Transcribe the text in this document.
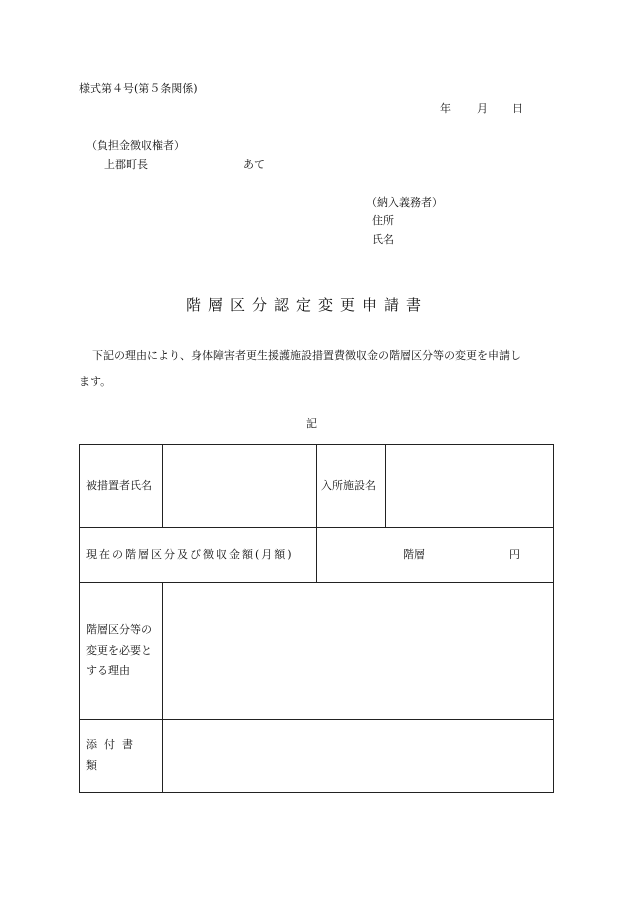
様式第４号(第５条関係)
年 月 日
（負担金徴収権者）
上郡町長	あて
（納入義務者）
住所
氏名
階層区分認定変更申請書
下記の理由により、身体障害者更生援護施設措置費徴収金の階層区分等の変更を申請し
ます。
記
被措置者氏名		入所施設名	
現在の階層区分及び徴収金額(月額)		階層 円	

階層区分等の変更を必要とする理由			
添付書類			
